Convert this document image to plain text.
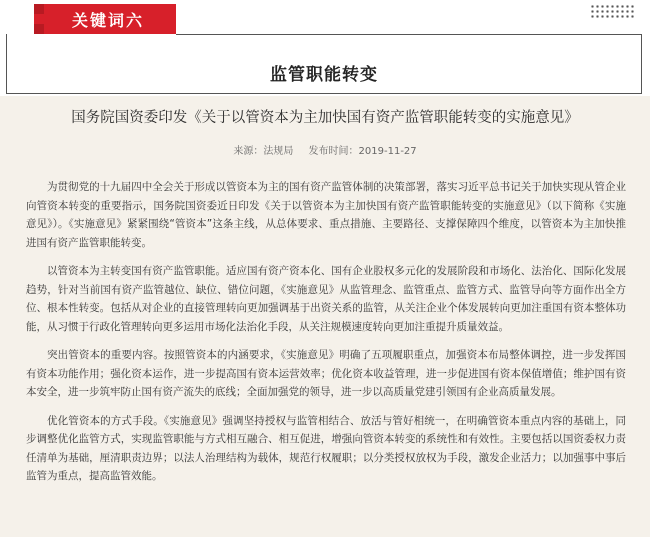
关键词六
监管职能转变
国务院国资委印发《关于以管资本为主加快国有资产监管职能转变的实施意见》
来源：法规局 发布时间：2019-11-27

为贯彻党的十九届四中全会关于形成以管资本为主的国有资产监管体制的决策部署，落实习近平总书记关于加快实现从管企业向管资本转变的重要指示，国务院国资委近日印发《关于以管资本为主加快国有资产监管职能转变的实施意见》（以下简称《实施意见》）。《实施意见》紧紧围绕“管资本”这条主线，从总体要求、重点措施、主要路径、支撑保障四个维度，以管资本为主加快推进国有资产监管职能转变。

以管资本为主转变国有资产监管职能。适应国有资产资本化、国有企业股权多元化的发展阶段和市场化、法治化、国际化发展趋势，针对当前国有资产监管越位、缺位、错位问题，《实施意见》从监管理念、监管重点、监管方式、监管导向等方面作出全方位、根本性转变。包括从对企业的直接管理转向更加强调基于出资关系的监管，从关注企业个体发展转向更加注重国有资本整体功能，从习惯于行政化管理转向更多运用市场化法治化手段，从关注规模速度转向更加注重提升质量效益。

突出管资本的重要内容。按照管资本的内涵要求，《实施意见》明确了五项履职重点，加强资本布局整体调控，进一步发挥国有资本功能作用；强化资本运作，进一步提高国有资本运营效率；优化资本收益管理，进一步促进国有资本保值增值；维护国有资本安全，进一步筑牢防止国有资产流失的底线；全面加强党的领导，进一步以高质量党建引领国有企业高质量发展。

优化管资本的方式手段。《实施意见》强调坚持授权与监管相结合、放活与管好相统一，在明确管资本重点内容的基础上，同步调整优化监管方式，实现监管职能与方式相互融合、相互促进，增强向管资本转变的系统性和有效性。主要包括以国资委权力责任清单为基础，厘清职责边界；以法人治理结构为载体，规范行权履职；以分类授权放权为手段，激发企业活力；以加强事中事后监管为重点，提高监管效能。
